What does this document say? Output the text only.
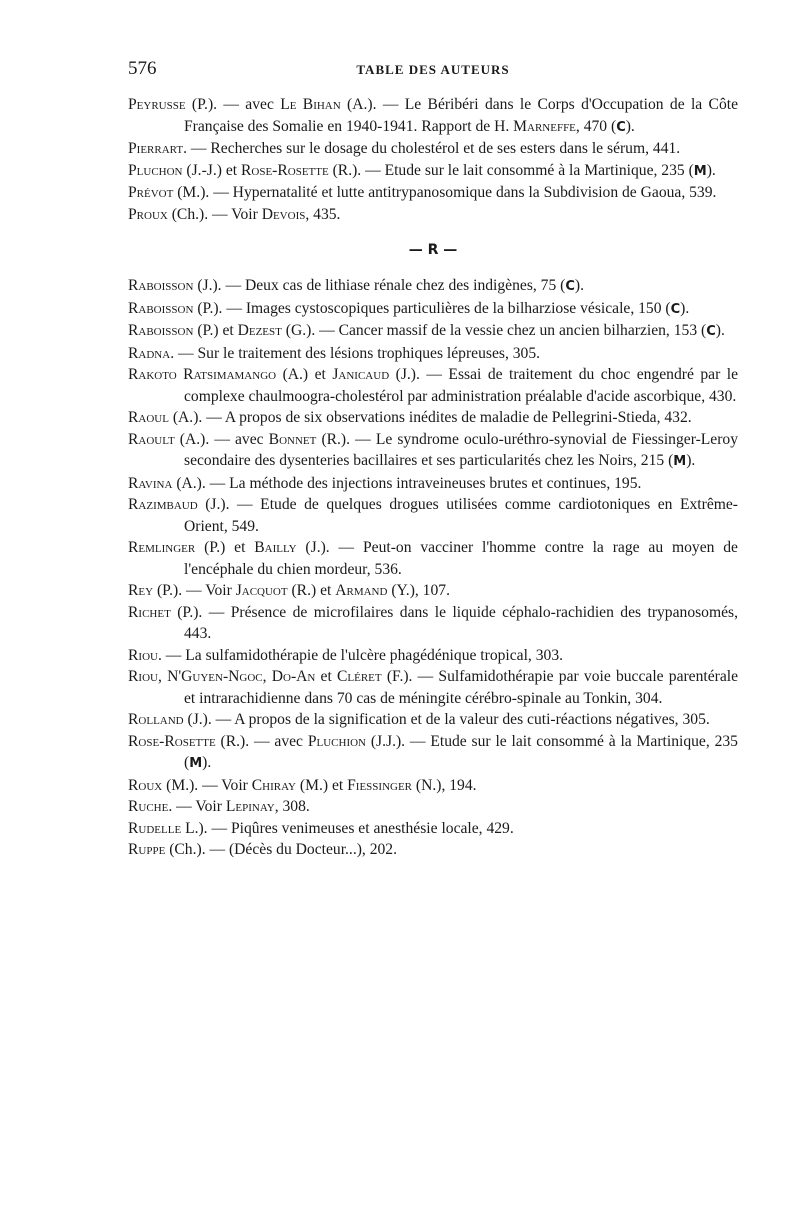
576	TABLE DES AUTEURS

Peyrusse (P.). — avec Le Bihan (A.). — Le Béribéri dans le Corps d'Occupation de la Côte Française des Somalie en 1940-1941. Rapport de H. Marneffe, 470 (C).

Pierrart. — Recherches sur le dosage du cholestérol et de ses esters dans le sérum, 441.

Pluchon (J.-J.) et Rose-Rosette (R.). — Etude sur le lait consommé à la Martinique, 235 (M).

Prévot (M.). — Hypernatalité et lutte antitrypanosomique dans la Subdivision de Gaoua, 539.

Proux (Ch.). — Voir Devois, 435.

— R —

Raboisson (J.). — Deux cas de lithiase rénale chez des indigènes, 75 (C).

Raboisson (P.). — Images cystoscopiques particulières de la bilharziose vésicale, 150 (C).

Raboisson (P.) et Dezest (G.). — Cancer massif de la vessie chez un ancien bilharzien, 153 (C).

Radna. — Sur le traitement des lésions trophiques lépreuses, 305.

Rakoto Ratsimamango (A.) et Janicaud (J.). — Essai de traitement du choc engendré par le complexe chaulmoogra-cholestérol par administration préalable d'acide ascorbique, 430.

Raoul (A.). — A propos de six observations inédites de maladie de Pellegrini-Stieda, 432.

Raoult (A.). — avec Bonnet (R.). — Le syndrome oculo-uréthro-synovial de Fiessinger-Leroy secondaire des dysenteries bacillaires et ses particularités chez les Noirs, 215 (M).

Ravina (A.). — La méthode des injections intraveineuses brutes et continues, 195.

Razimbaud (J.). — Etude de quelques drogues utilisées comme cardiotoniques en Extrême-Orient, 549.

Remlinger (P.) et Bailly (J.). — Peut-on vacciner l'homme contre la rage au moyen de l'encéphale du chien mordeur, 536.

Rey (P.). — Voir Jacquot (R.) et Armand (Y.), 107.

Richet (P.). — Présence de microfilaires dans le liquide céphalo-rachidien des trypanosomés, 443.

Riou. — La sulfamidothérapie de l'ulcère phagédénique tropical, 303.

Riou, N'Guyen-Ngoc, Do-An et Cléret (F.). — Sulfamidothérapie par voie buccale parentérale et intrarachidienne dans 70 cas de méningite cérébro-spinale au Tonkin, 304.

Rolland (J.). — A propos de la signification et de la valeur des cuti-réactions négatives, 305.

Rose-Rosette (R.). — avec Pluchion (J.J.). — Etude sur le lait consommé à la Martinique, 235 (M).

Roux (M.). — Voir Chiray (M.) et Fiessinger (N.), 194.

Ruche. — Voir Lepinay, 308.

Rudelle L.). — Piqûres venimeuses et anesthésie locale, 429.

Ruppe (Ch.). — (Décès du Docteur...), 202.
